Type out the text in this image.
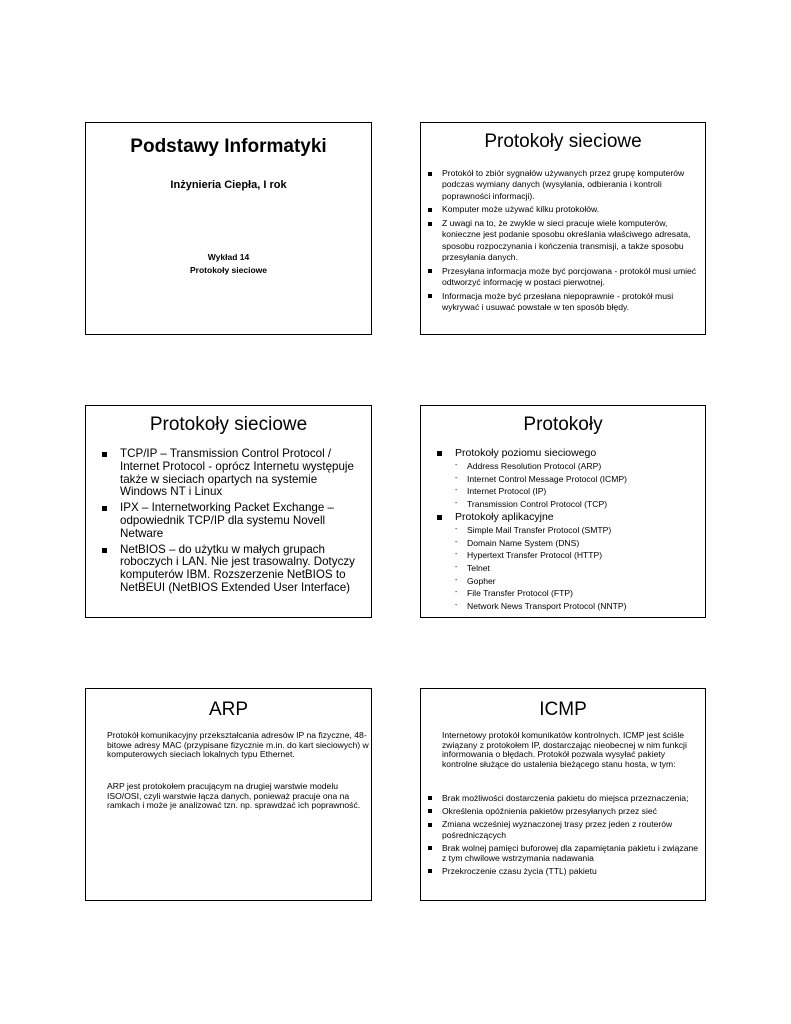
Podstawy Informatyki
Inżynieria Ciepła, I rok
Wykład 14
Protokoły sieciowe
Protokoły sieciowe
Protokół to zbiór sygnałów używanych przez grupę komputerów podczas wymiany danych (wysyłania, odbierania i kontroli poprawności informacji).
Komputer może używać kilku protokołów.
Z uwagi na to, że zwykle w sieci pracuje wiele komputerów, konieczne jest podanie sposobu określania właściwego adresata, sposobu rozpoczynania i kończenia transmisji, a także sposobu przesyłania danych.
Przesyłana informacja może być porcjowana - protokół musi umieć odtworzyć informację w postaci pierwotnej.
Informacja może być przesłana niepoprawnie - protokół musi wykrywać i usuwać powstałe w ten sposób błędy.
Protokoły sieciowe
TCP/IP – Transmission Control Protocol / Internet Protocol - oprócz Internetu występuje także w sieciach opartych na systemie Windows NT i Linux
IPX – Internetworking Packet Exchange – odpowiednik TCP/IP dla systemu Novell Netware
NetBIOS – do użytku w małych grupach roboczych i LAN. Nie jest trasowalny. Dotyczy komputerów IBM. Rozszerzenie NetBIOS to NetBEUI (NetBIOS Extended User Interface)
Protokoły
Protokoły poziomu sieciowego
- Address Resolution Protocol (ARP)
- Internet Control Message Protocol (ICMP)
- Internet Protocol (IP)
- Transmission Control Protocol (TCP)
Protokoły aplikacyjne
- Simple Mail Transfer Protocol (SMTP)
- Domain Name System (DNS)
- Hypertext Transfer Protocol (HTTP)
- Telnet
- Gopher
- File Transfer Protocol (FTP)
- Network News Transport Protocol (NNTP)
ARP
Protokół komunikacyjny przekształcania adresów IP na fizyczne, 48-bitowe adresy MAC (przypisane fizycznie m.in. do kart sieciowych) w komputerowych sieciach lokalnych typu Ethernet.
ARP jest protokołem pracującym na drugiej warstwie modelu ISO/OSI, czyli warstwie łącza danych, ponieważ pracuje ona na ramkach i może je analizować tzn. np. sprawdzać ich poprawność.
ICMP
Internetowy protokół komunikatów kontrolnych. ICMP jest ściśle związany z protokołem IP, dostarczając nieobecnej w nim funkcji informowania o błędach. Protokół pozwala wysyłać pakiety kontrolne służące do ustalenia bieżącego stanu hosta, w tym:
Brak możliwości dostarczenia pakietu do miejsca przeznaczenia;
Określenia opóźnienia pakietów przesyłanych przez sieć
Zmiana wcześniej wyznaczonej trasy przez jeden z routerów pośredniczących
Brak wolnej pamięci buforowej dla zapamiętania pakietu i związane z tym chwilowe wstrzymania nadawania
Przekroczenie czasu życia (TTL) pakietu
